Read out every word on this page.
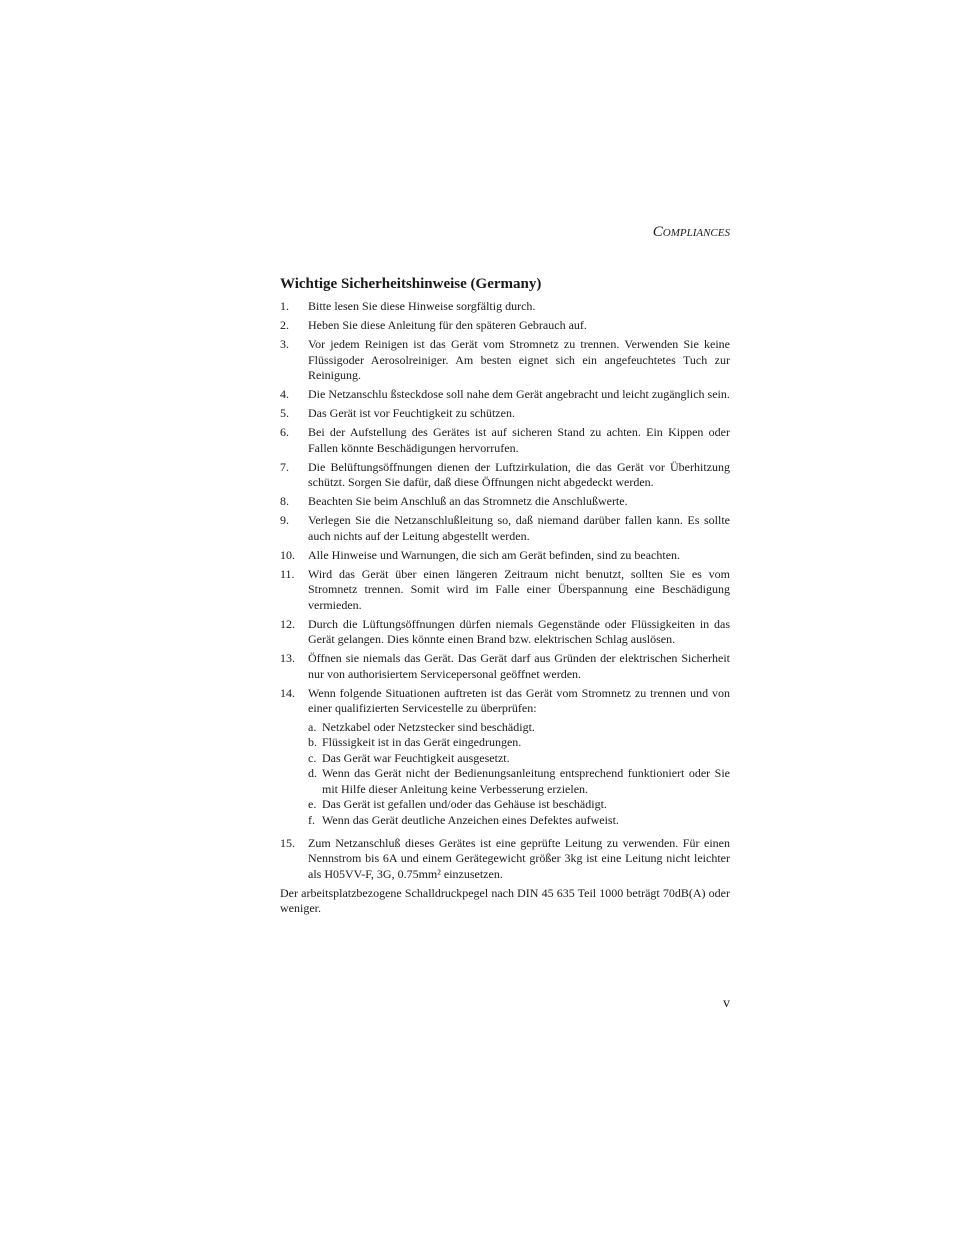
Compliances
Wichtige Sicherheitshinweise (Germany)
1.	Bitte lesen Sie diese Hinweise sorgfältig durch.
2.	Heben Sie diese Anleitung für den späteren Gebrauch auf.
3.	Vor jedem Reinigen ist das Gerät vom Stromnetz zu trennen. Verwenden Sie keine Flüssigoder Aerosolreiniger. Am besten eignet sich ein angefeuchtetes Tuch zur Reinigung.
4.	Die Netzanschlu ßsteckdose soll nahe dem Gerät angebracht und leicht zugänglich sein.
5.	Das Gerät ist vor Feuchtigkeit zu schützen.
6.	Bei der Aufstellung des Gerätes ist auf sicheren Stand zu achten. Ein Kippen oder Fallen könnte Beschädigungen hervorrufen.
7.	Die Belüftungsöffnungen dienen der Luftzirkulation, die das Gerät vor Überhitzung schützt. Sorgen Sie dafür, daß diese Öffnungen nicht abgedeckt werden.
8.	Beachten Sie beim Anschluß an das Stromnetz die Anschlußwerte.
9.	Verlegen Sie die Netzanschlußleitung so, daß niemand darüber fallen kann. Es sollte auch nichts auf der Leitung abgestellt werden.
10.	Alle Hinweise und Warnungen, die sich am Gerät befinden, sind zu beachten.
11.	Wird das Gerät über einen längeren Zeitraum nicht benutzt, sollten Sie es vom Stromnetz trennen. Somit wird im Falle einer Überspannung eine Beschädigung vermieden.
12.	Durch die Lüftungsöffnungen dürfen niemals Gegenstände oder Flüssigkeiten in das Gerät gelangen. Dies könnte einen Brand bzw. elektrischen Schlag auslösen.
13.	Öffnen sie niemals das Gerät. Das Gerät darf aus Gründen der elektrischen Sicherheit nur von authorisiertem Servicepersonal geöffnet werden.
14.	Wenn folgende Situationen auftreten ist das Gerät vom Stromnetz zu trennen und von einer qualifizierten Servicestelle zu überprüfen:
a. Netzkabel oder Netzstecker sind beschädigt.
b. Flüssigkeit ist in das Gerät eingedrungen.
c. Das Gerät war Feuchtigkeit ausgesetzt.
d. Wenn das Gerät nicht der Bedienungsanleitung entsprechend funktioniert oder Sie mit Hilfe dieser Anleitung keine Verbesserung erzielen.
e. Das Gerät ist gefallen und/oder das Gehäuse ist beschädigt.
f. Wenn das Gerät deutliche Anzeichen eines Defektes aufweist.
15.	Zum Netzanschluß dieses Gerätes ist eine geprüfte Leitung zu verwenden. Für einen Nennstrom bis 6A und einem Gerätegewicht größer 3kg ist eine Leitung nicht leichter als H05VV-F, 3G, 0.75mm² einzusetzen.

Der arbeitsplatzbezogene Schalldruckpegel nach DIN 45 635 Teil 1000 beträgt 70dB(A) oder weniger.

v
